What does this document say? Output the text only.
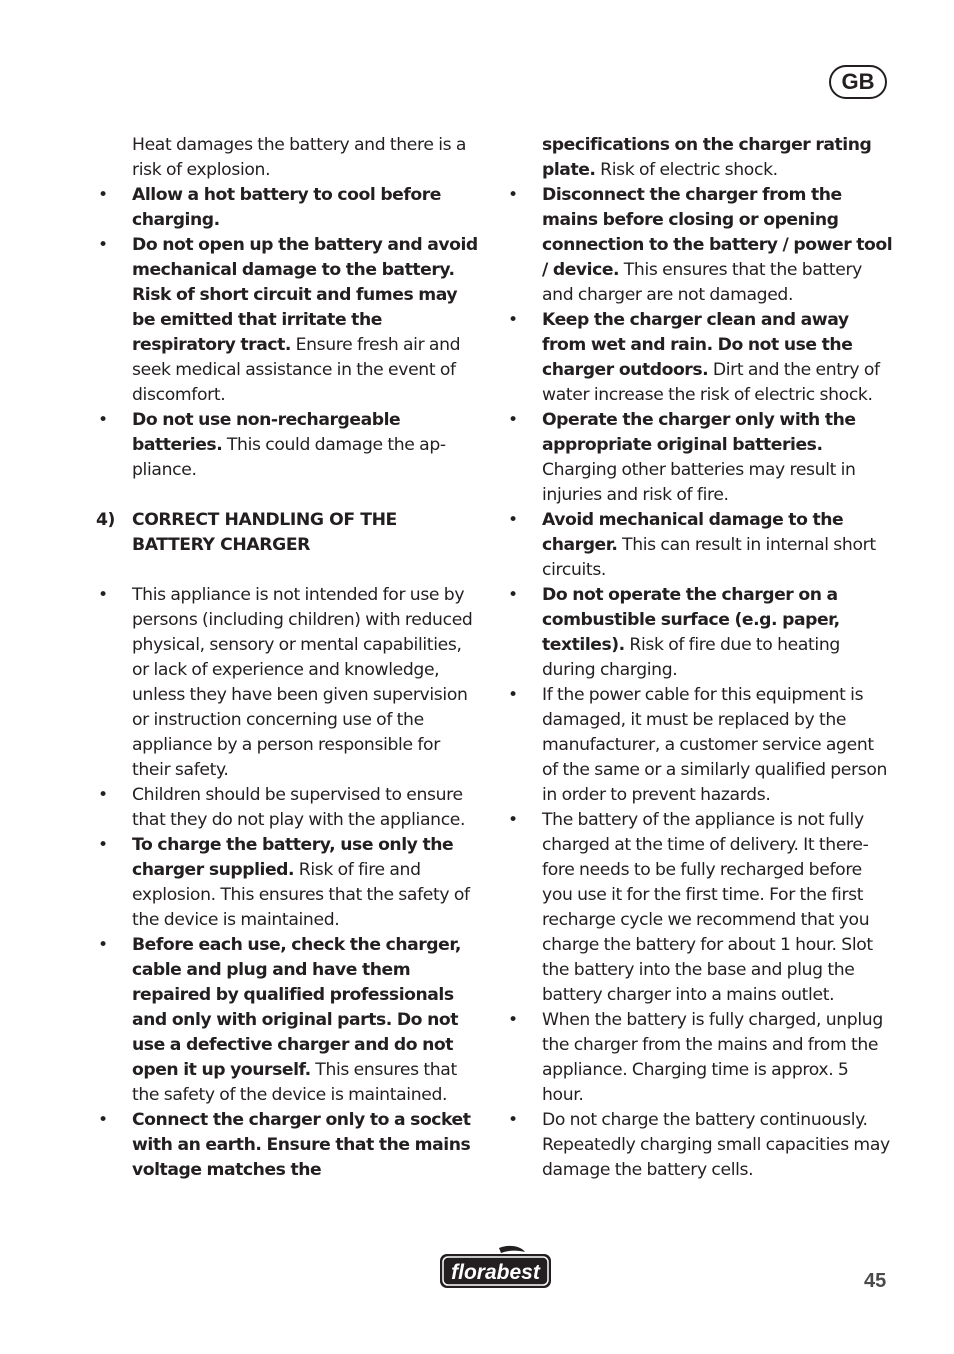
GB
Heat damages the battery and there is a risk of explosion.
• Allow a hot battery to cool before charging.
• Do not open up the battery and avoid mechanical damage to the battery. Risk of short circuit and fumes may be emitted that irritate the respiratory tract. Ensure fresh air and seek medical assistance in the event of discomfort.
• Do not use non-rechargeable batteries. This could damage the appliance.
4) CORRECT HANDLING OF THE BATTERY CHARGER
• This appliance is not intended for use by persons (including children) with reduced physical, sensory or mental capabilities, or lack of experience and knowledge, unless they have been given supervision or instruction concerning use of the appliance by a person responsible for their safety.
• Children should be supervised to ensure that they do not play with the appliance.
• To charge the battery, use only the charger supplied. Risk of fire and explosion. This ensures that the safety of the device is maintained.
• Before each use, check the charger, cable and plug and have them repaired by qualified professionals and only with original parts. Do not use a defective charger and do not open it up yourself. This ensures that the safety of the device is maintained.
• Connect the charger only to a socket with an earth. Ensure that the mains voltage matches the
specifications on the charger rating plate. Risk of electric shock.
• Disconnect the charger from the mains before closing or opening connection to the battery / power tool / device. This ensures that the battery and charger are not damaged.
• Keep the charger clean and away from wet and rain. Do not use the charger outdoors. Dirt and the entry of water increase the risk of electric shock.
• Operate the charger only with the appropriate original batteries. Charging other batteries may result in injuries and risk of fire.
• Avoid mechanical damage to the charger. This can result in internal short circuits.
• Do not operate the charger on a combustible surface (e.g. paper, textiles). Risk of fire due to heating during charging.
• If the power cable for this equipment is damaged, it must be replaced by the manufacturer, a customer service agent of the same or a similarly qualified person in order to prevent hazards.
• The battery of the appliance is not fully charged at the time of delivery. It therefore needs to be fully recharged before you use it for the first time. For the first recharge cycle we recommend that you charge the battery for about 1 hour. Slot the battery into the base and plug the battery charger into a mains outlet.
• When the battery is fully charged, unplug the charger from the mains and from the appliance. Charging time is approx. 5 hour.
• Do not charge the battery continuously. Repeatedly charging small capacities may damage the battery cells.
florabest	45
